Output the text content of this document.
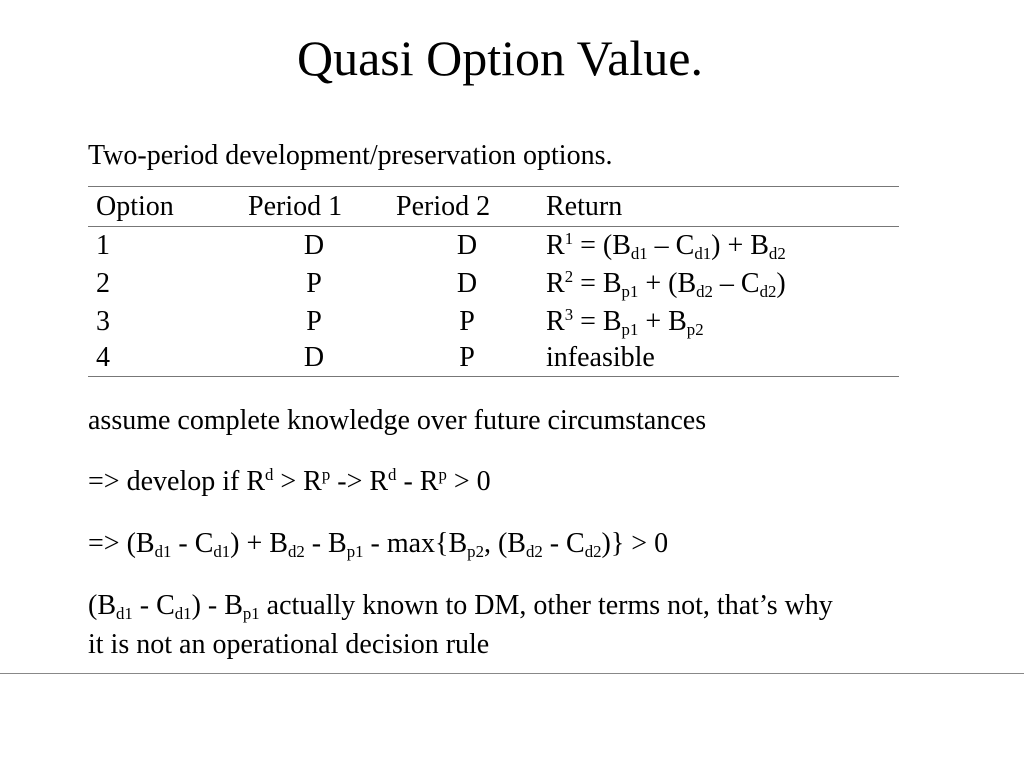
Quasi Option Value.
Two-period development/preservation options.
Option	Period 1	Period 2	Return
1	D	D	$R^1 = (B_{d1} - C_{d1}) + B_{d2}$
2	P	D	$R^2 = B_{p1} + (B_{d2} - C_{d2})$
3	P	P	$R^3 = B_{p1} + B_{p2}$
4	D	P	infeasible
assume complete knowledge over future circumstances
=> develop if $R^d > R^p -> R^d - R^p > 0$
=> $(B_{d1} - C_{d1}) + B_{d2} - B_{p1} - \max\{B_{p2}$, $(B_{d2} - C_{d2})\} > 0$
$(B_{d1} - C_{d1}) - B_{p1}$ actually known to DM, other terms not, that’s why
it is not an operational decision rule
